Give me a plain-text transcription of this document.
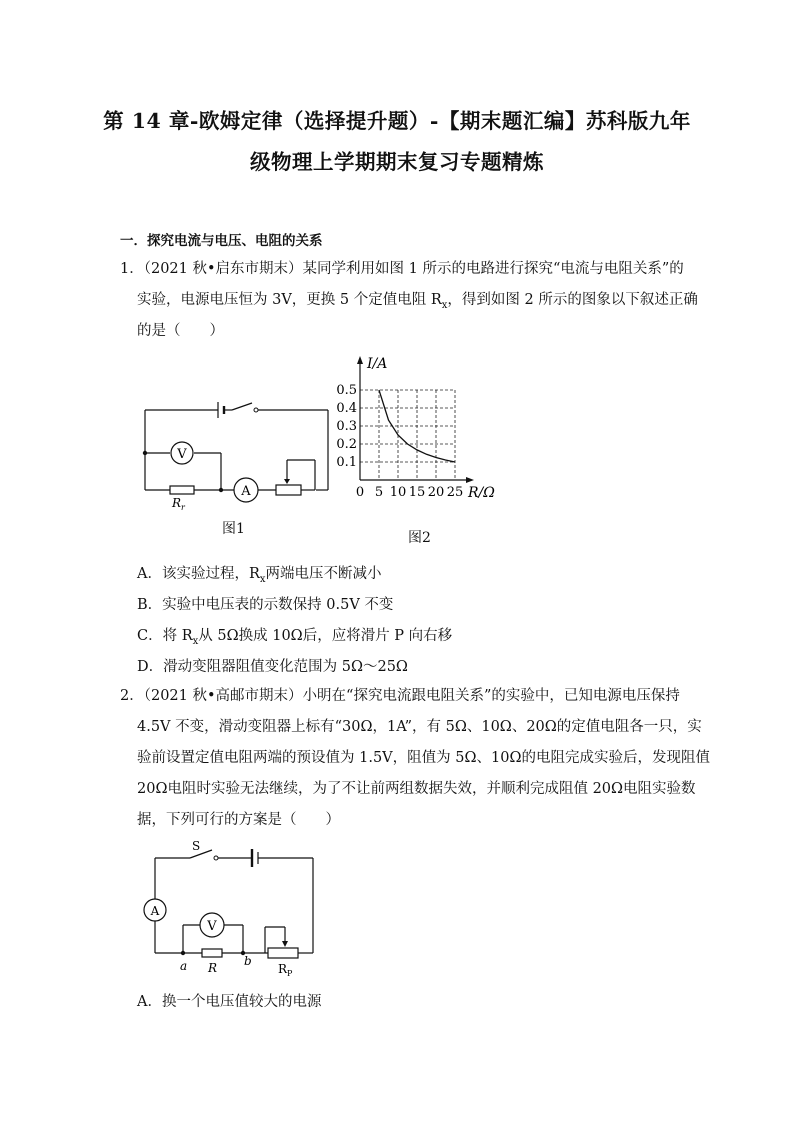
第 14 章-欧姆定律（选择提升题）-【期末题汇编】苏科版九年
级物理上学期期末复习专题精炼
一．探究电流与电压、电阻的关系
1．（2021 秋•启东市期末）某同学利用如图 1 所示的电路进行探究“电流与电阻关系”的
实验，电源电压恒为 3V，更换 5 个定值电阻 $R_x$，得到如图 2 所示的图象以下叙述正确
的是（　　）
V
A
$R_r$
图1
0 5 10 15 20 25
0.1
0.2
0.3
0.4
0.5
I/A
R/Ω
图2
A．该实验过程，$R_x$两端电压不断减小
B．实验中电压表的示数保持 0.5V 不变
C．将 $R_x$从 5Ω换成 10Ω后，应将滑片 P 向右移
D．滑动变阻器阻值变化范围为 5Ω～25Ω
2．（2021 秋•高邮市期末）小明在“探究电流跟电阻关系”的实验中，已知电源电压保持
4.5V 不变，滑动变阻器上标有“30Ω，1A”，有 5Ω、10Ω、20Ω的定值电阻各一只，实
验前设置定值电阻两端的预设值为 1.5V，阻值为 5Ω、10Ω的电阻完成实验后，发现阻值
20Ω电阻时实验无法继续，为了不让前两组数据失效，并顺利完成阻值 20Ω电阻实验数
据，下列可行的方案是（　　）
S
A
V
a R b
$R_P$
A．换一个电压值较大的电源
